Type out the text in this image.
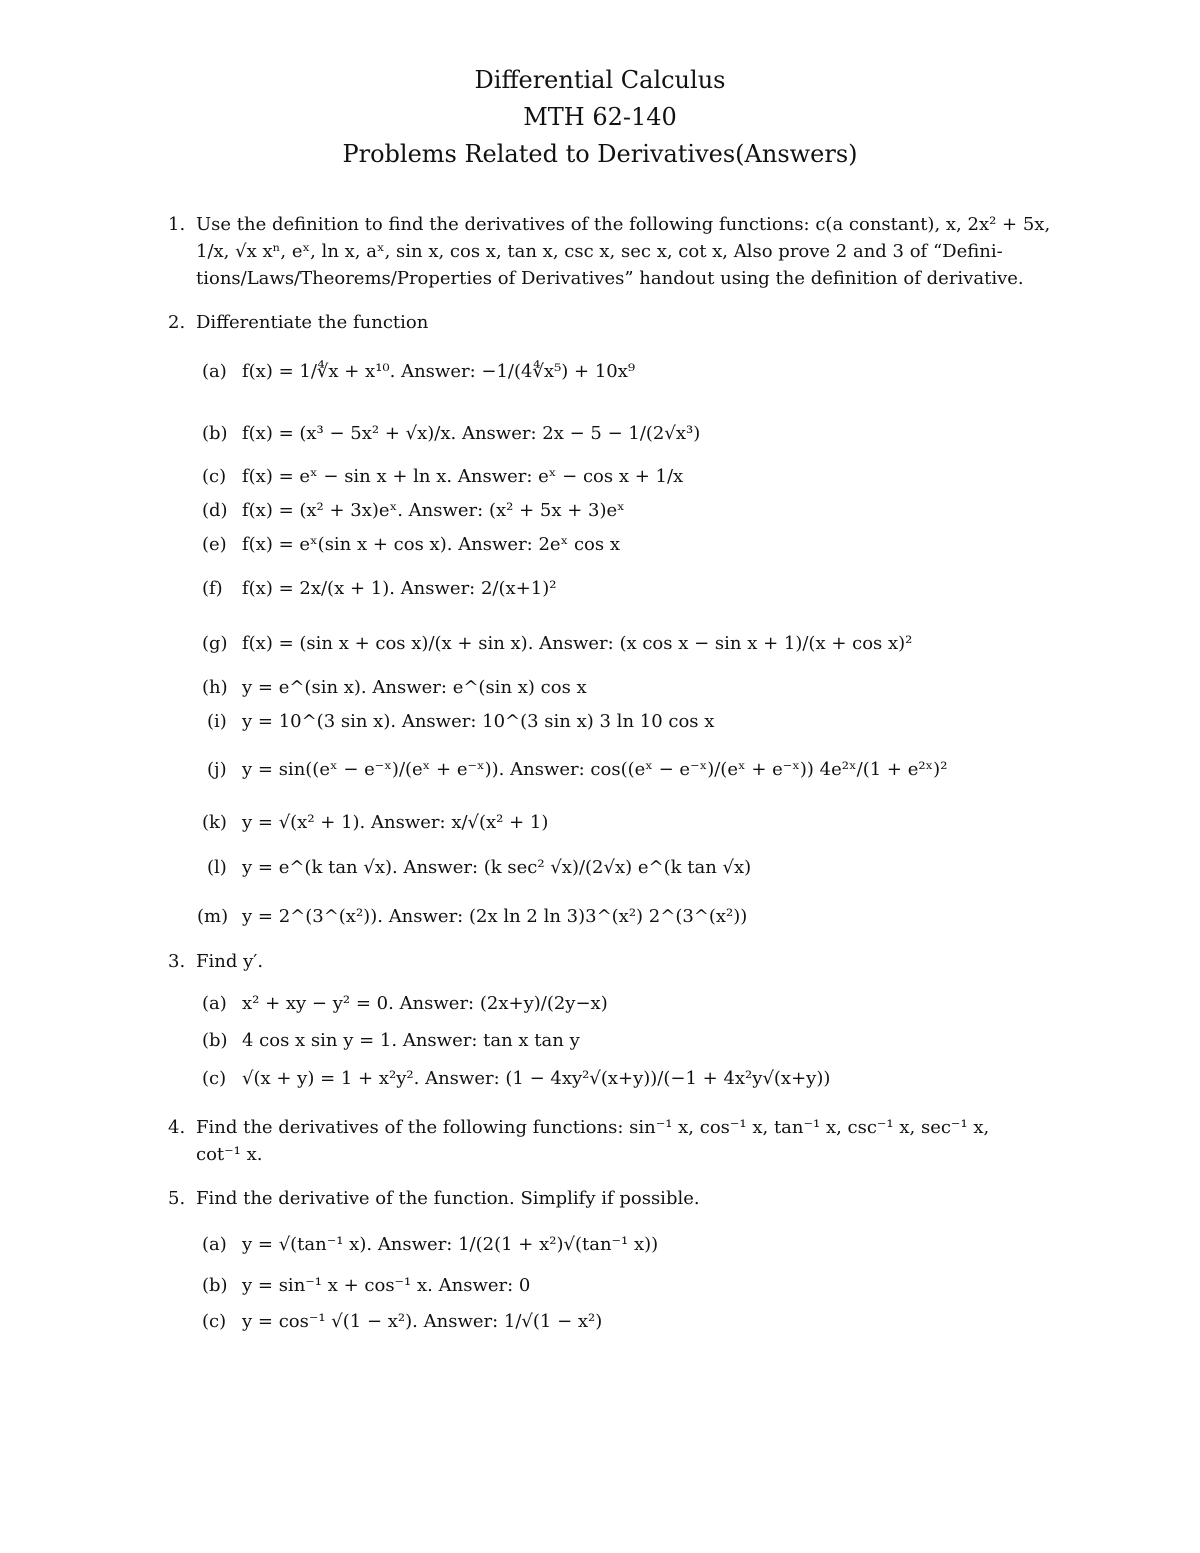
Differential Calculus
MTH 62-140
Problems Related to Derivatives(Answers)
1. Use the definition to find the derivatives of the following functions: c(a constant), x, 2x² + 5x,
1/x, √x xⁿ, eˣ, ln x, aˣ, sin x, cos x, tan x, csc x, sec x, cot x, Also prove 2 and 3 of “Defini-
tions/Laws/Theorems/Properties of Derivatives” handout using the definition of derivative.
2. Differentiate the function
(a) f(x) = 1/∜x + x¹⁰. Answer: −1/(4∜x⁵) + 10x⁹
(b) f(x) = (x³ − 5x² + √x)/x. Answer: 2x − 5 − 1/(2√x³)
(c) f(x) = eˣ − sin x + ln x. Answer: eˣ − cos x + 1/x
(d) f(x) = (x² + 3x)eˣ. Answer: (x² + 5x + 3)eˣ
(e) f(x) = eˣ(sin x + cos x). Answer: 2eˣ cos x
(f) f(x) = 2x/(x + 1). Answer: 2/(x+1)²
(g) f(x) = (sin x + cos x)/(x + sin x). Answer: (x cos x − sin x + 1)/(x + cos x)²
(h) y = e^(sin x). Answer: e^(sin x) cos x
(i) y = 10^(3 sin x). Answer: 10^(3 sin x) 3 ln 10 cos x
(j) y = sin((eˣ − e⁻ˣ)/(eˣ + e⁻ˣ)). Answer: cos((eˣ − e⁻ˣ)/(eˣ + e⁻ˣ)) 4e²ˣ/(1 + e²ˣ)²
(k) y = √(x² + 1). Answer: x/√(x² + 1)
(l) y = e^(k tan √x). Answer: (k sec² √x)/(2√x) e^(k tan √x)
(m) y = 2^(3^(x²)). Answer: (2x ln 2 ln 3)3^(x²) 2^(3^(x²))
3. Find y′.
(a) x² + xy − y² = 0. Answer: (2x+y)/(2y−x)
(b) 4 cos x sin y = 1. Answer: tan x tan y
(c) √(x + y) = 1 + x²y². Answer: (1 − 4xy²√(x+y))/(−1 + 4x²y√(x+y))
4. Find the derivatives of the following functions: sin⁻¹ x, cos⁻¹ x, tan⁻¹ x, csc⁻¹ x, sec⁻¹ x,
cot⁻¹ x.
5. Find the derivative of the function. Simplify if possible.
(a) y = √(tan⁻¹ x). Answer: 1/(2(1 + x²)√(tan⁻¹ x))
(b) y = sin⁻¹ x + cos⁻¹ x. Answer: 0
(c) y = cos⁻¹ √(1 − x²). Answer: 1/√(1 − x²)
